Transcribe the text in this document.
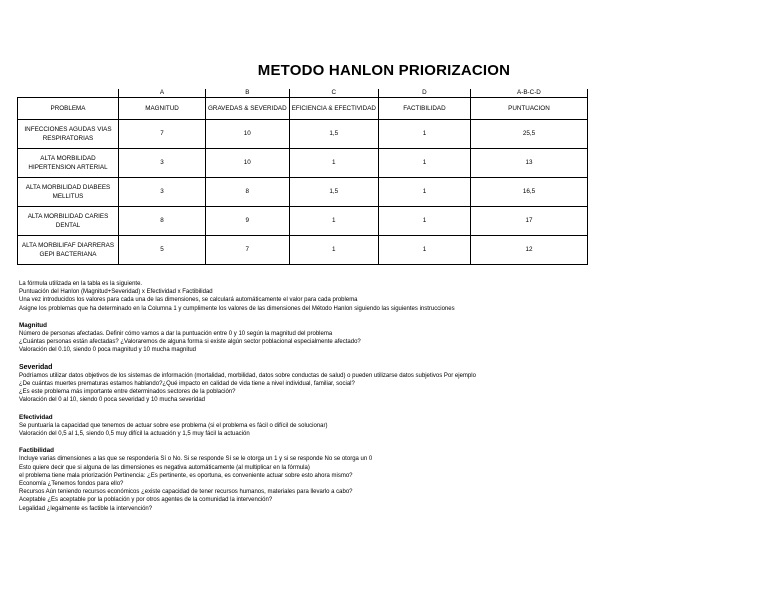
METODO HANLON PRIORIZACION
	A	B	C	D	A-B-C-D
PROBLEMA	MAGNITUD	GRAVEDAS & SEVERIDAD	EFICIENCIA & EFECTIVIDAD	FACTIBILIDAD	PUNTUACION
INFECCIONES AGUDAS VIAS RESPIRATORIAS	7	10	1,5	1	25,5
ALTA MORBILIDAD HIPERTENSION ARTERIAL	3	10	1	1	13
ALTA MORBILIDAD DIABEES MELLITUS	3	8	1,5	1	16,5
ALTA MORBILIDAD CARIES DENTAL	8	9	1	1	17
ALTA MORBILIFAF DIARRERAS GEPI BACTERIANA	5	7	1	1	12

La fórmula utilizada en la tabla es la siguiente.

Puntuación del Hanlon (Magnitud+Severidad) x Efectividad x Factibilidad

Una vez introducidos los valores para cada una de las dimensiones, se calculará automáticamente el valor para cada problema

Asigne los problemas que ha determinado en la Columna 1 y cumplimente los valores de las dimensiones del Método Hanlon siguiendo las siguientes instrucciones

Magnitud

Número de personas afectadas. Definir cómo vamos a dar la puntuación entre 0 y 10 según la magnitud del problema

¿Cuántas personas están afectadas? ¿Valoraremos de alguna forma si existe algún sector poblacional especialmente afectado?

Valoración del 0.10, siendo 0 poca magnitud y 10 mucha magnitud

Severidad

Podríamos utilizar datos objetivos de los sistemas de información (mortalidad, morbilidad, datos sobre conductas de salud) o pueden utilizarse datos subjetivos Por ejemplo

¿De cuántas muertes prematuras estamos hablando?¿Qué impacto en calidad de vida tiene a nivel individual, familiar, social?

¿Es este problema más importante entre determinados sectores de la población?

Valoración del 0 al 10, siendo 0 poca severidad y 10 mucha severidad

Efectividad

Se puntuaría la capacidad que tenemos de actuar sobre ese problema (si el problema es fácil o difícil de solucionar)

Valoración del 0,5 al 1,5, siendo 0,5 muy difícil la actuación y 1,5 muy fácil la actuación

Factibilidad

Incluye varias dimensiones a las que se respondería Sí o No. Si se responde Sí se le otorga un 1 y si se responde No se otorga un 0

Esto quiere decir que si alguna de las dimensiones es negativa automáticamente (al multiplicar en la fórmula)

el problema tiene mala priorización Pertinencia: ¿Es pertinente, es oportuna, es conveniente actuar sobre esto ahora mismo?

Economía ¿Tenemos fondos para ello?

Recursos Aún teniendo recursos económicos ¿existe capacidad de tener recursos humanos, materiales para llevarlo a cabo?

Aceptable ¿Es aceptable por la población y por otros agentes de la comunidad la intervención?

Legalidad ¿legalmente es factible la intervención?
